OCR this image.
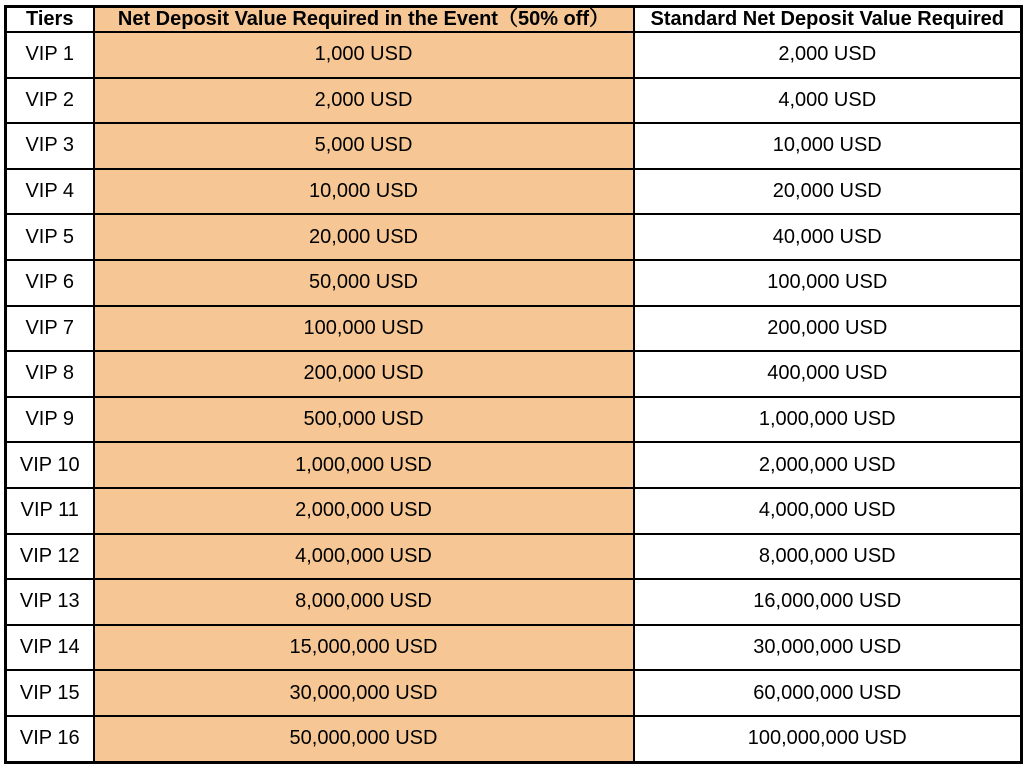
Tiers	Net Deposit Value Required in the Event（50% off）	Standard Net Deposit Value Required
VIP 1	1,000 USD	2,000 USD
VIP 2	2,000 USD	4,000 USD
VIP 3	5,000 USD	10,000 USD
VIP 4	10,000 USD	20,000 USD
VIP 5	20,000 USD	40,000 USD
VIP 6	50,000 USD	100,000 USD
VIP 7	100,000 USD	200,000 USD
VIP 8	200,000 USD	400,000 USD
VIP 9	500,000 USD	1,000,000 USD
VIP 10	1,000,000 USD	2,000,000 USD
VIP 11	2,000,000 USD	4,000,000 USD
VIP 12	4,000,000 USD	8,000,000 USD
VIP 13	8,000,000 USD	16,000,000 USD
VIP 14	15,000,000 USD	30,000,000 USD
VIP 15	30,000,000 USD	60,000,000 USD
VIP 16	50,000,000 USD	100,000,000 USD
